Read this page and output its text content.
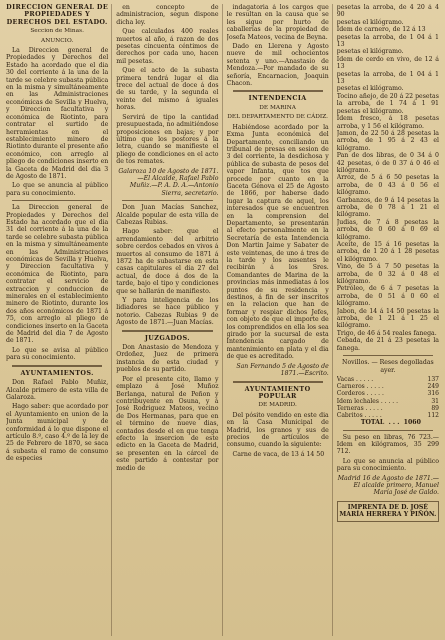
DIRECCION GENERAL DE PROPIEDADES Y DERECHOS DEL ESTADO.

Seccion de Minas.

ANUNCIO.

La Direccion general de Propiedades y Derechos del Estado ha acordado que el dia 30 del corriente á la una de la tarde se celebre subasta pública en la misma y simultáneamente en las Administraciones económicas de Sevilla y Huelva, y Direccion facultativa y económica de Riotinto, para contratar el surtido de herramientas en el establecimiento minero de Riotinto durante el presente año económico, con arreglo al pliego de condiciones inserto en la Gaceta de Madrid del dia 3 de Agosto de 1871.

Lo que se anuncia al público para su conocimiento.

La Direccion general de Propiedades y Derechos del Estado ha acordado que el dia 31 del corriente á la una de la tarde se celebre subasta pública en la misma y simultáneamente en las Administraciones económicas de Sevilla y Huelva, y Direccion facultativa y económica de Riotinto, para contratar el servicio de extraccion y conduccion de minerales en el establecimiento minero de Riotinto, durante los dos años económicos de 1871 á 75, con arreglo al pliego de condiciones inserto en la Gaceta de Madrid del dia 7 de Agosto de 1871.

Lo que se avisa al público para su conocimiento.

AYUNTAMIENTOS.

Don Rafael Pablo Muñiz, Alcalde primero de esta villa de Galaroza.

Hago saber: que acordado por el Ayuntamiento en union de la Junta municipal y de conformidad á lo que dispone el artículo 8.º, caso 4.º de la ley de 25 de Febrero de 1870, se saca á subasta el ramo de consumo de especies

en concepto de administracion, segun dispone dicha ley.

Que calculados 400 reales muertos al año, á razon de dos pesetas cincuenta céntimos de derechos por cada uno, hacen mil pesetas.

Que el acto de la subasta primera tendrá lugar el dia trece del actual de doce á dos de su tarde, y la segunda el veinte del mismo á iguales horas.

Servirá de tipo la cantidad presupuestada, no admitiéndose proposiciones en bajas; y por último que los postores á la letra, cuando se manifieste el pliego de condiciones en el acto de tos remates.

Galaroza 10 de Agosto de 1871.—El Alcalde, Rafael Pablo Muñiz.—P. A. D. A.—Antonio Sierra, secretario.

Don Juan Macías Sanchez, Alcalde popular de esta villa de Cabezas Rubias.

Hago saber: que el arrendamiento del arbitrio sobre cerdos cebados en vivos á muertos al consumo de 1871 á 1872 ha de subastarse en esta casas capitulares el dia 27 del actual, de doce á dos de la tarde, bajo el tipo y condiciones que se hallarán de manifiesto.

Y para inteligencia de los lidiadores se hace público y notorio. Cabezas Rubias 9 de Agosto de 1871.—Juan Macías.

JUZGADOS.

Don Anastasio de Mendoza y Ordoñez, Juez de primera instancia de esta ciudad y pueblos de su partido.

Por el presente cito, llamo y emplazo á José Muñoz Berlanga, natural de Peñon y contribuyente en Osuna, y á José Rodriguez Mateos, vecino de Dos Hermanas, para que en el término de nueve dias, contados desde el en que tenga efecto la insercion de este edicto en la Gaceta de Madrid, se presenten en la cárcel de este partido á contestar por medio de

indagatoria á los cargos que le resultan en la causa que se les sigue por hurto de caballerías de la propiedad de Josefa Mateos, vecina de Beyna.

Dado en Llerena y Agosto nueve de mil ochocientos setenta y uno.—Anastasio de Mendoza.—Por mandado de su señoría, Encarnacion, Joaquin Chacon.

INTENDENCIA

DE MARINA

DEL DEPARTAMENTO DE CÁDIZ.

Habiéndose acordado por la Exma Junta económica del Departamento, conciliando un tribunal de presas en sesion de 3 del corriente, la desdichosa y pública de subasta de pesos del vapor Infanta, que tos que procede por cuanto en la Gaceta Génova el 25 de Agosto de 1866, por haberse dado lugar la captura de aquel, los interesados que se encuentren en la comprension del Departamento, se presentarán al efecto personalmente en la Secretaría de esta Intendencia Don Martin Jaime y Sabater de este veintenas, de uno á tres de la tarde y los ausentes le recibirán á los Sres. Comandantes de Marina de la provincias más inmediatas á los puntos de su residencia y destinos, á fin de ser inscritos en la relacion que han de formar y respiar dichos Jefes, con objeto de que el importe de los comprendidos en ella los sea girado por la sucursal de esta Intendencia cargado de mantenimiento en plata y el dia de que es acreditado.

San Fernando 5 de Agosto de 1871.—Escrito.

AYUNTAMIENTO POPULAR

DE MADRID.

Del pósito vendido en este dia en la Casa Municipal de Madrid, los granos y sus de precios de artículos de consumo, cuando la siguiente:

Carne de vaca, de 13 á 14 50

pesetas la arroba, de 4 20 á 4 90

pesetas el kilógramo.

Idem de carnero, de 12 á 13

pesetas la arroba, de 1 04 á 1 13

pesetas el kilógramo.

Idem de cerdo en vivo, de 12 á 13

pesetas la arroba, de 1 04 á 1 13

pesetas el kilógramo.

Tocino añejo, de 20 á 22 pesetas

la arroba, de 1 74 á 1 91 pesetas el kilógramo.

Idem fresco, á 18 pesetas arroba, y 1 56 el kilógramo.

Jamon, de 22 50 á 28 pesetas la arroba, de 1 95 á 2 43 el kilógramo.

Pan de dos libras, de 0 34 á 0 42 pesetas, ó de 0 37 á 0 46 el kilógramo.

Arroz, de 5 á 6 50 pesetas la arroba, de 0 43 á 0 56 el kilógramo.

Garbanzos, de 9 á 14 pesetas la arroba, de 0 78 á 1 21 el kilógramo.

Judias, de 7 á 8 pesetas la arroba, de 0 60 á 0 69 el kilógramo.

Aceite, de 15 á 16 pesetas la arroba, de 1 20 á 1 28 pesetas el kilógramo.

Vino, de 5 á 7 50 pesetas la arroba, de 0 32 á 0 48 el kilógramo.

Petróleo, de 6 á 7 pesetas la arroba, de 0 51 á 0 60 el kilógramo.

Jabon, de 14 á 14 50 pesetas la arroba, de 1 21 á 1 25 el kilógramo.

Trigo, de 46 á 54 reales fanega.

Cebada, de 21 á 23 pesetas la fanega.

Novillos. — Reses degolladas ayer.

Vacas . . . . .	137
Carneros . . . . .	249
Corderos . . . . .	316
Idem lechales . . . . .	31
Terneras . . . . .	89
Cabritos . . . . .	112

TOTAL  . . .  1060

Su peso en libras, 76 723.—Idem en kilógramos, 35 299 712.

Lo que se anuncia al público para su conocimiento.

Madrid 16 de Agosto de 1871.—El alcalde primero, Manuel María José de Galdo.

IMPRENTA DE D. JOSÉ MARÍA HERRERA Y PIÑÓN.
